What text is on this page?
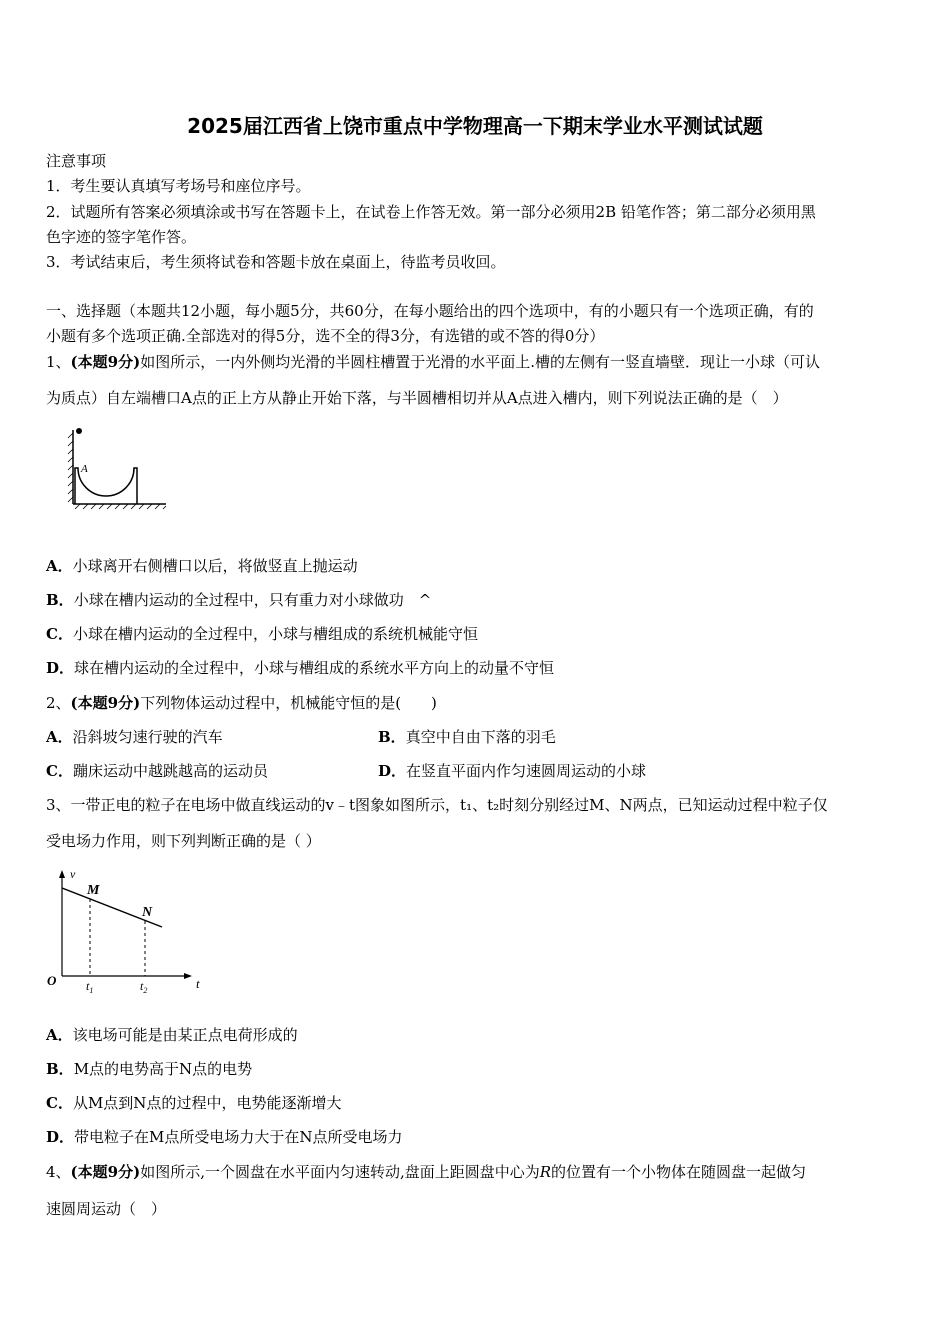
2025届江西省上饶市重点中学物理高一下期末学业水平测试试题
注意事项
1．考生要认真填写考场号和座位序号。
2．试题所有答案必须填涂或书写在答题卡上，在试卷上作答无效。第一部分必须用2B 铅笔作答；第二部分必须用黑
色字迹的签字笔作答。
3．考试结束后，考生须将试卷和答题卡放在桌面上，待监考员收回。
一、选择题（本题共12小题，每小题5分，共60分，在每小题给出的四个选项中，有的小题只有一个选项正确，有的
小题有多个选项正确.全部选对的得5分，选不全的得3分，有选错的或不答的得0分）
1、(本题9分)如图所示，一内外侧均光滑的半圆柱槽置于光滑的水平面上.槽的左侧有一竖直墙壁．现让一小球（可认
为质点）自左端槽口A点的正上方从静止开始下落，与半圆槽相切并从A点进入槽内，则下列说法正确的是（　）
A
A．小球离开右侧槽口以后，将做竖直上抛运动
B．小球在槽内运动的全过程中，只有重力对小球做功　^
C．小球在槽内运动的全过程中，小球与槽组成的系统机械能守恒
D．球在槽内运动的全过程中，小球与槽组成的系统水平方向上的动量不守恒
2、(本题9分)下列物体运动过程中，机械能守恒的是(　　)
A．沿斜坡匀速行驶的汽车	B．真空中自由下落的羽毛
C．蹦床运动中越跳越高的运动员	D．在竖直平面内作匀速圆周运动的小球
3、一带正电的粒子在电场中做直线运动的v﹣t图象如图所示，t₁、t₂时刻分别经过M、N两点，已知运动过程中粒子仅
受电场力作用，则下列判断正确的是（ ）
v
M
N
O	t
$t_1$	$t_2$
A．该电场可能是由某正点电荷形成的
B．M点的电势高于N点的电势
C．从M点到N点的过程中，电势能逐渐增大
D．带电粒子在M点所受电场力大于在N点所受电场力
4、(本题9分)如图所示,一个圆盘在水平面内匀速转动,盘面上距圆盘中心为R的位置有一个小物体在随圆盘一起做匀
速圆周运动（　）
